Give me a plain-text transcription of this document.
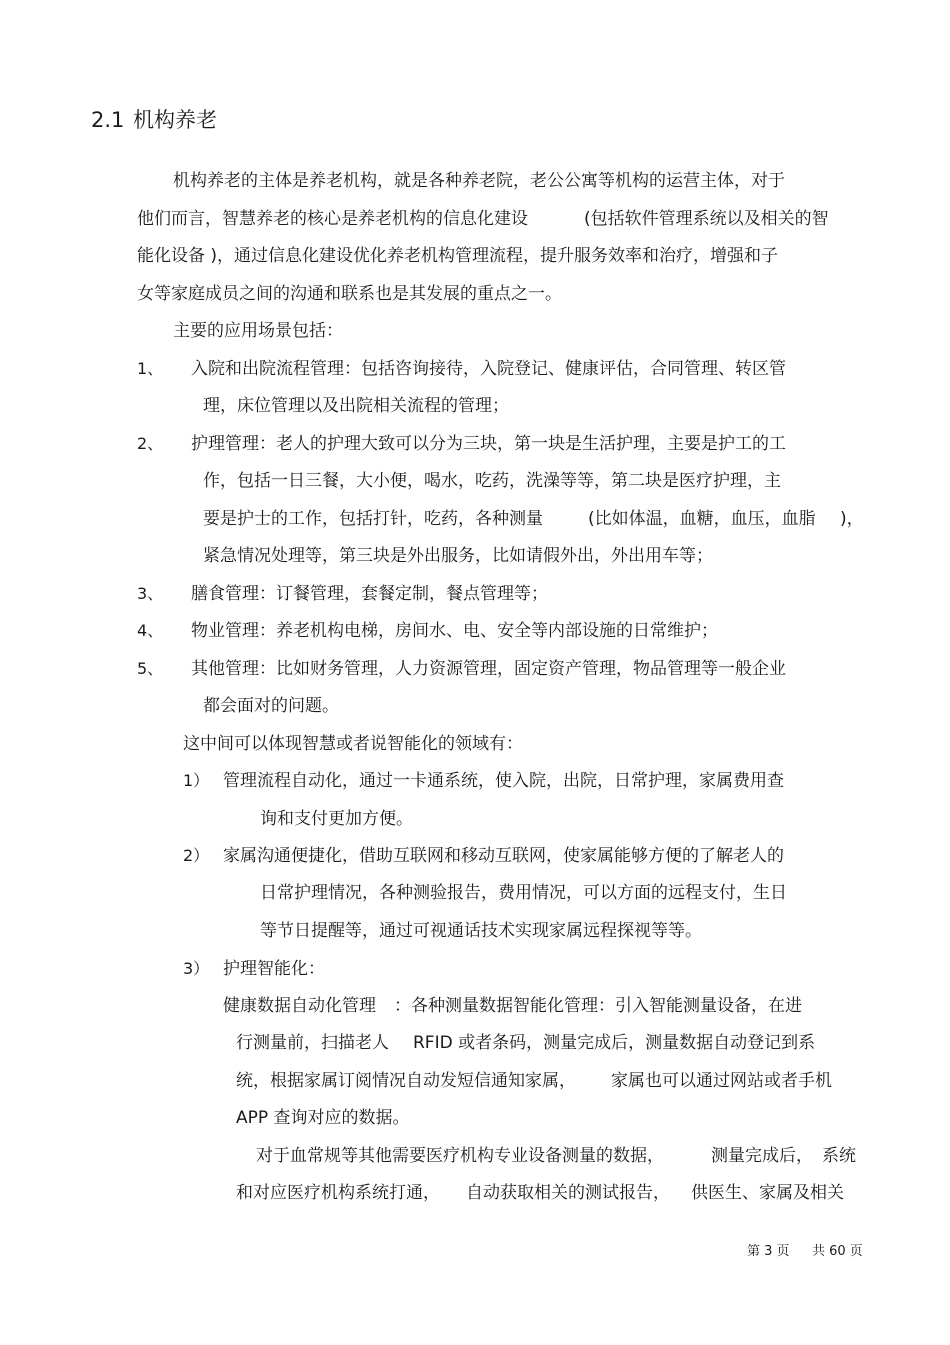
2.1 机构养老
机构养老的主体是养老机构，就是各种养老院，老公公寓等机构的运营主体，对于
他们而言，智慧养老的核心是养老机构的信息化建设	(包括软件管理系统以及相关的智
能化设备 )，通过信息化建设优化养老机构管理流程，提升服务效率和治疗，增强和子
女等家庭成员之间的沟通和联系也是其发展的重点之一。
主要的应用场景包括：
1、 入院和出院流程管理：包括咨询接待，入院登记、健康评估，合同管理、转区管
理，床位管理以及出院相关流程的管理；
2、 护理管理：老人的护理大致可以分为三块，第一块是生活护理，主要是护工的工
作，包括一日三餐，大小便，喝水，吃药，洗澡等等，第二块是医疗护理，主
要是护士的工作，包括打针，吃药，各种测量	(比如体温，血糖，血压，血脂 )，
紧急情况处理等，第三块是外出服务，比如请假外出，外出用车等；
3、 膳食管理：订餐管理，套餐定制，餐点管理等；
4、 物业管理：养老机构电梯，房间水、电、安全等内部设施的日常维护；
5、 其他管理：比如财务管理，人力资源管理，固定资产管理，物品管理等一般企业
都会面对的问题。
这中间可以体现智慧或者说智能化的领域有：
1） 管理流程自动化，通过一卡通系统，使入院，出院，日常护理，家属费用查
询和支付更加方便。
2） 家属沟通便捷化，借助互联网和移动互联网，使家属能够方便的了解老人的
日常护理情况，各种测验报告，费用情况，可以方面的远程支付，生日
等节日提醒等，通过可视通话技术实现家属远程探视等等。
3） 护理智能化：
健康数据自动化管理 ：各种测量数据智能化管理：引入智能测量设备，在进
行测量前，扫描老人 RFID 或者条码，测量完成后，测量数据自动登记到系
统，根据家属订阅情况自动发短信通知家属， 家属也可以通过网站或者手机
APP 查询对应的数据。
对于血常规等其他需要医疗机构专业设备测量的数据，	测量完成后， 系统
和对应医疗机构系统打通， 自动获取相关的测试报告， 供医生、家属及相关
第 3 页 共 60 页
